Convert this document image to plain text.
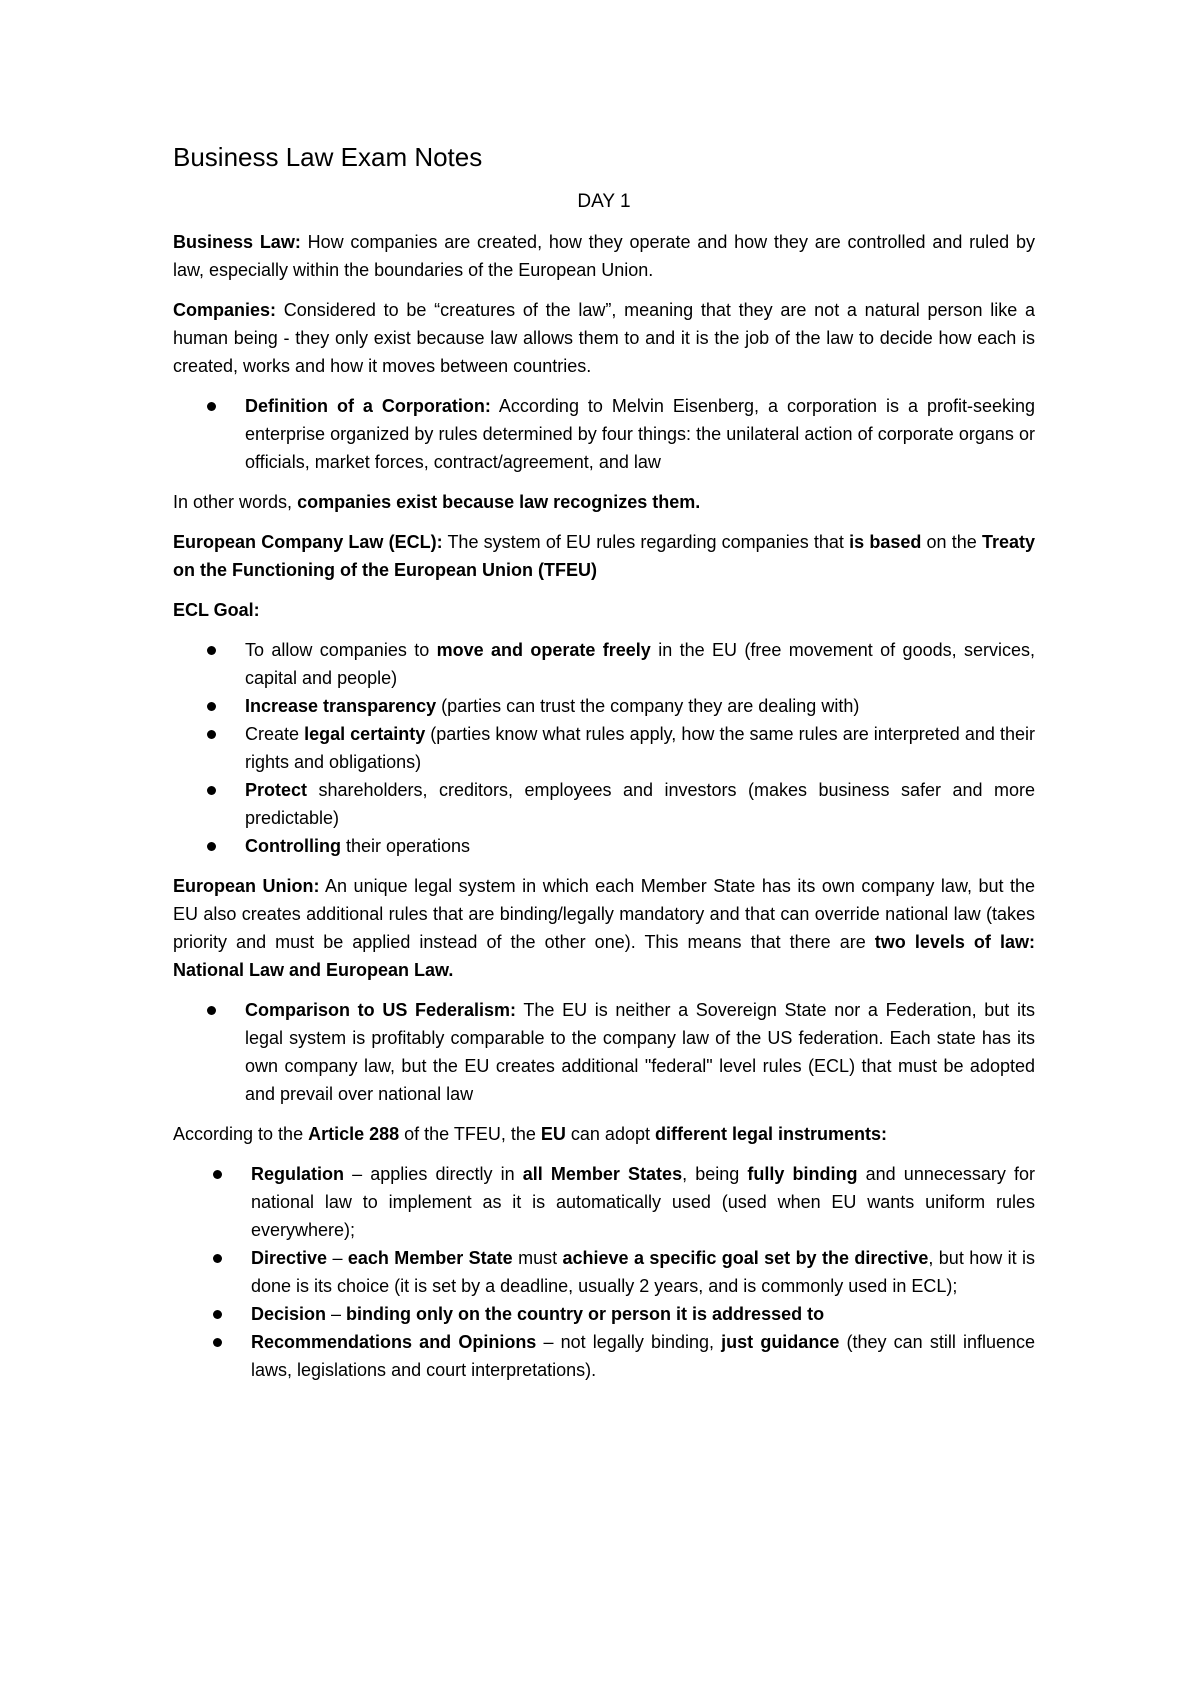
Business Law Exam Notes
DAY 1

Business Law: How companies are created, how they operate and how they are controlled and ruled by law, especially within the boundaries of the European Union.

Companies: Considered to be “creatures of the law”, meaning that they are not a natural person like a human being - they only exist because law allows them to and it is the job of the law to decide how each is created, works and how it moves between countries.

Definition of a Corporation: According to Melvin Eisenberg, a corporation is a profit-seeking enterprise organized by rules determined by four things: the unilateral action of corporate organs or officials, market forces, contract/agreement, and law

In other words, companies exist because law recognizes them.

European Company Law (ECL): The system of EU rules regarding companies that is based on the Treaty on the Functioning of the European Union (TFEU)

ECL Goal:

To allow companies to move and operate freely in the EU (free movement of goods, services, capital and people)
Increase transparency (parties can trust the company they are dealing with)
Create legal certainty (parties know what rules apply, how the same rules are interpreted and their rights and obligations)
Protect shareholders, creditors, employees and investors (makes business safer and more predictable)
Controlling their operations

European Union: An unique legal system in which each Member State has its own company law, but the EU also creates additional rules that are binding/legally mandatory and that can override national law (takes priority and must be applied instead of the other one). This means that there are two levels of law: National Law and European Law.

Comparison to US Federalism: The EU is neither a Sovereign State nor a Federation, but its legal system is profitably comparable to the company law of the US federation. Each state has its own company law, but the EU creates additional "federal" level rules (ECL) that must be adopted and prevail over national law

According to the Article 288 of the TFEU, the EU can adopt different legal instruments:

Regulation – applies directly in all Member States, being fully binding and unnecessary for national law to implement as it is automatically used (used when EU wants uniform rules everywhere);
Directive – each Member State must achieve a specific goal set by the directive, but how it is done is its choice (it is set by a deadline, usually 2 years, and is commonly used in ECL);
Decision – binding only on the country or person it is addressed to
Recommendations and Opinions – not legally binding, just guidance (they can still influence laws, legislations and court interpretations).
